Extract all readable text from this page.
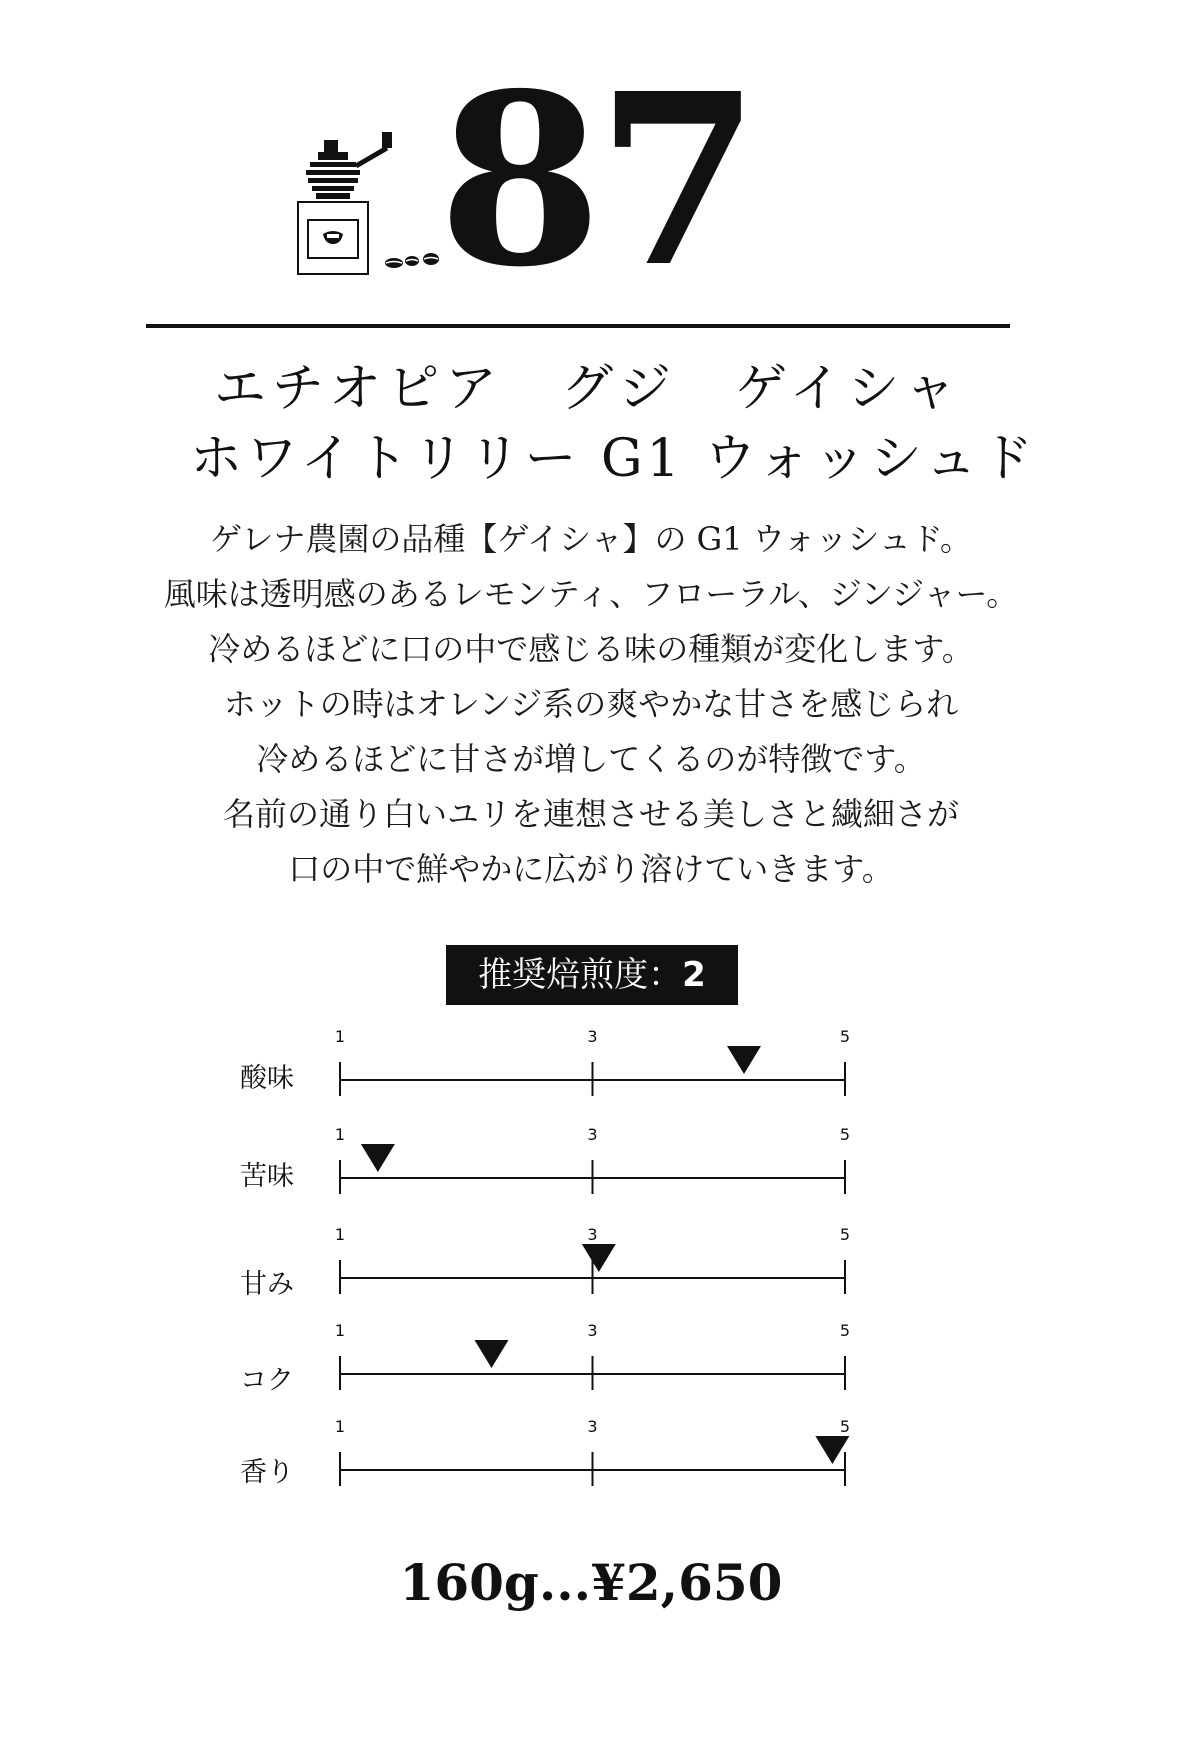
87
エチオピア　グジ　ゲイシャ
ホワイトリリー G1 ウォッシュド
ゲレナ農園の品種【ゲイシャ】の G1 ウォッシュド。
風味は透明感のあるレモンティ、フローラル、ジンジャー。
冷めるほどに口の中で感じる味の種類が変化します。
ホットの時はオレンジ系の爽やかな甘さを感じられ
冷めるほどに甘さが増してくるのが特徴です。
名前の通り白いユリを連想させる美しさと繊細さが
口の中で鮮やかに広がり溶けていきます。
推奨焙煎度：2
酸味
1	3	5
苦味
1	3	5
甘み
1	3	5
コク
1	3	5
香り
1	3	5
160g...¥2,650
